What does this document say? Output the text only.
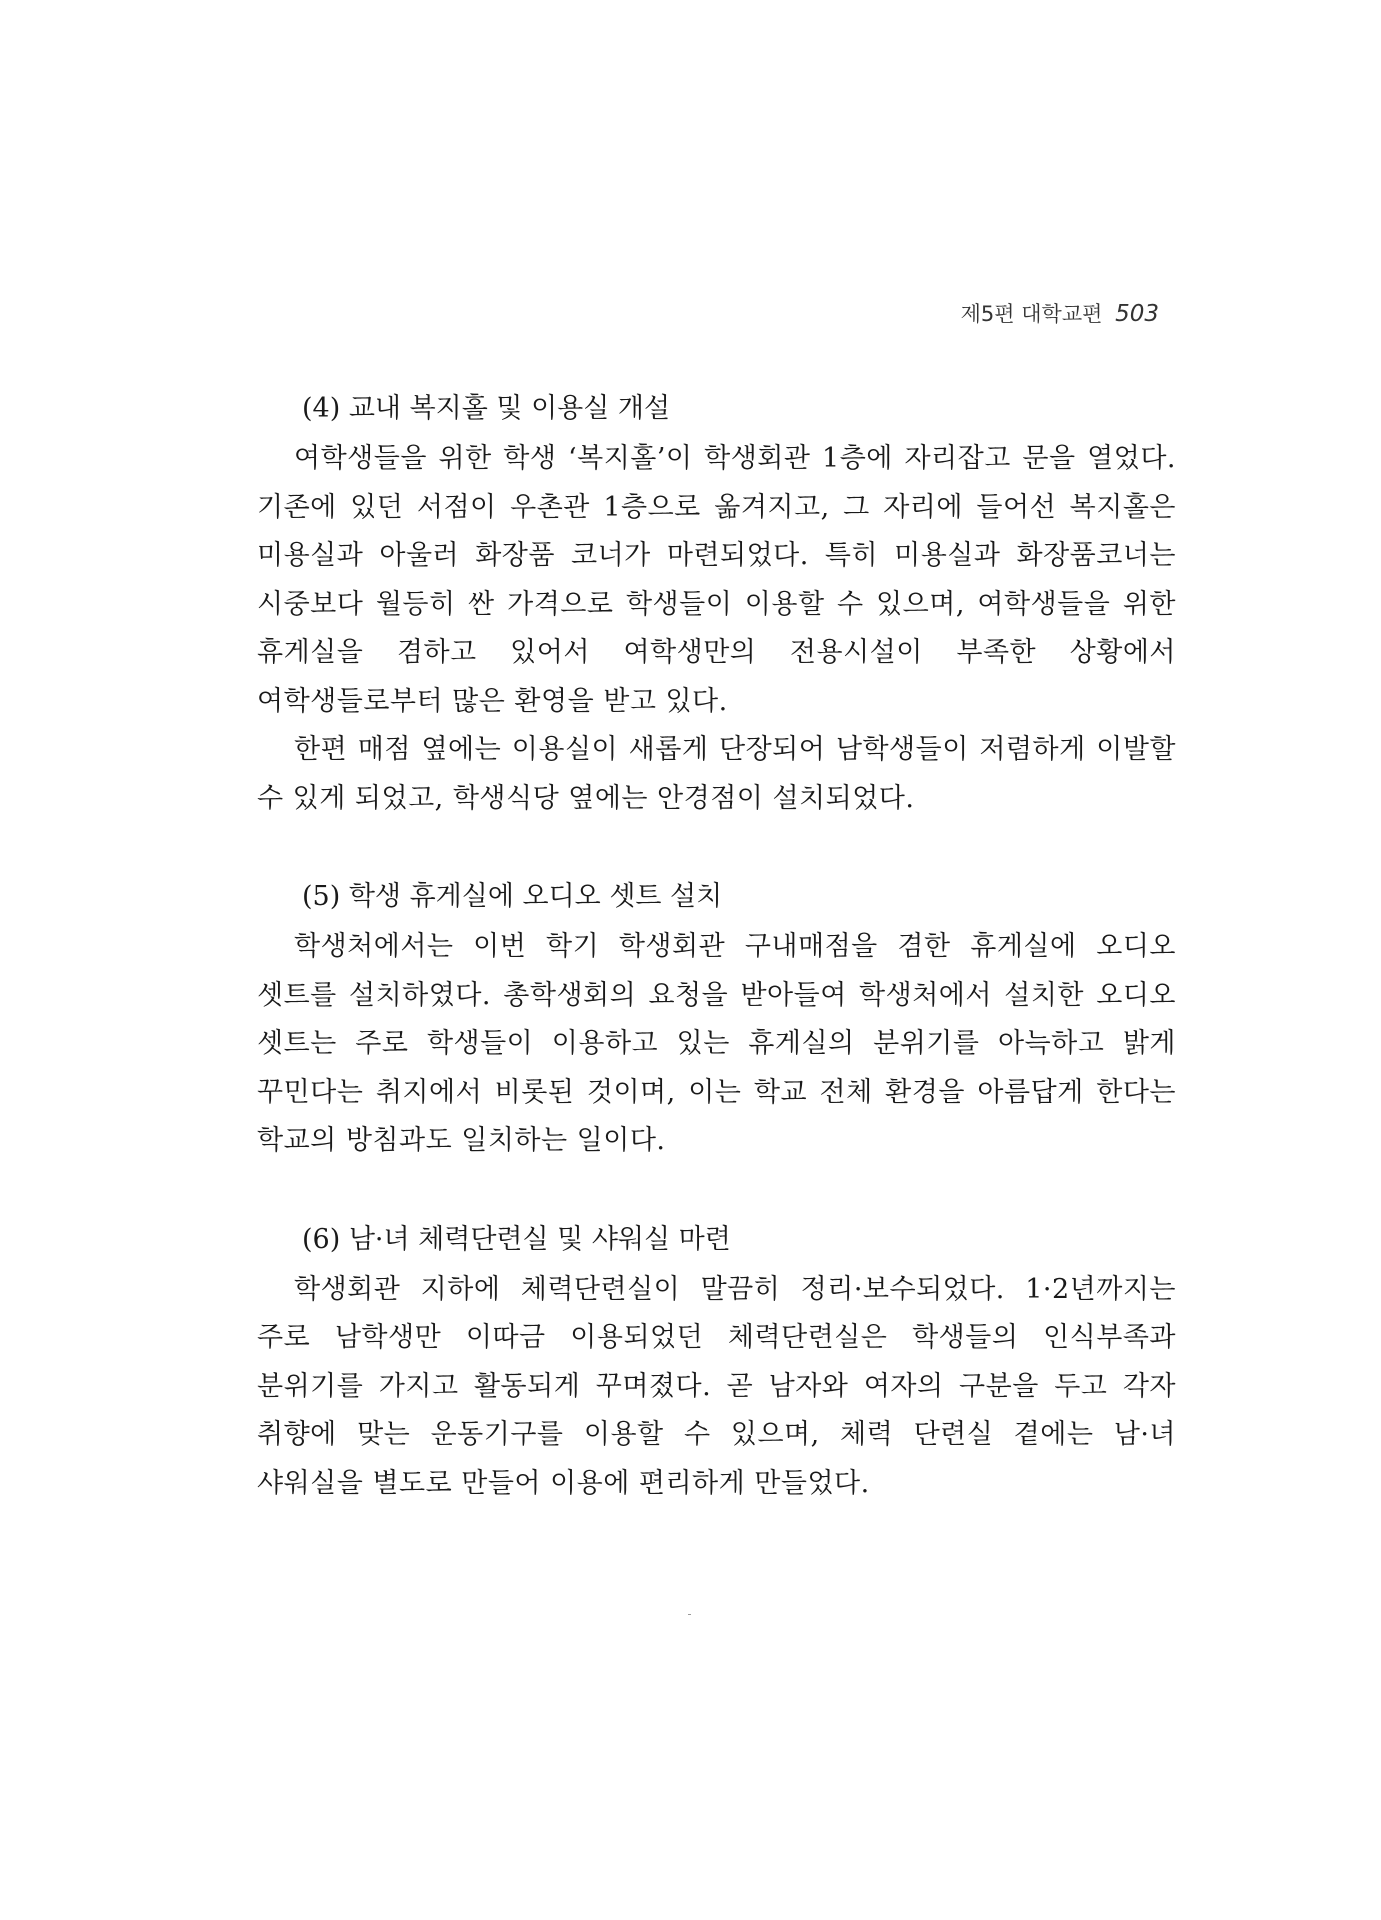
제5편 대학교편 503
(4) 교내 복지홀 및 이용실 개설

여학생들을 위한 학생 ‘복지홀’이 학생회관 1층에 자리잡고 문을 열었다. 기존에 있던 서점이 우촌관 1층으로 옮겨지고, 그 자리에 들어선 복지홀은 미용실과 아울러 화장품 코너가 마련되었다. 특히 미용실과 화장품코너는 시중보다 월등히 싼 가격으로 학생들이 이용할 수 있으며, 여학생들을 위한 휴게실을 겸하고 있어서 여학생만의 전용시설이 부족한 상황에서 여학생들로부터 많은 환영을 받고 있다.

한편 매점 옆에는 이용실이 새롭게 단장되어 남학생들이 저렴하게 이발할 수 있게 되었고, 학생식당 옆에는 안경점이 설치되었다.

(5) 학생 휴게실에 오디오 셋트 설치

학생처에서는 이번 학기 학생회관 구내매점을 겸한 휴게실에 오디오 셋트를 설치하였다. 총학생회의 요청을 받아들여 학생처에서 설치한 오디오 셋트는 주로 학생들이 이용하고 있는 휴게실의 분위기를 아늑하고 밝게 꾸민다는 취지에서 비롯된 것이며, 이는 학교 전체 환경을 아름답게 한다는 학교의 방침과도 일치하는 일이다.

(6) 남·녀 체력단련실 및 샤워실 마련

학생회관 지하에 체력단련실이 말끔히 정리·보수되었다. 1·2년까지는 주로 남학생만 이따금 이용되었던 체력단련실은 학생들의 인식부족과 분위기를 가지고 활동되게 꾸며졌다. 곧 남자와 여자의 구분을 두고 각자 취향에 맞는 운동기구를 이용할 수 있으며, 체력 단련실 곁에는 남·녀 샤워실을 별도로 만들어 이용에 편리하게 만들었다.
